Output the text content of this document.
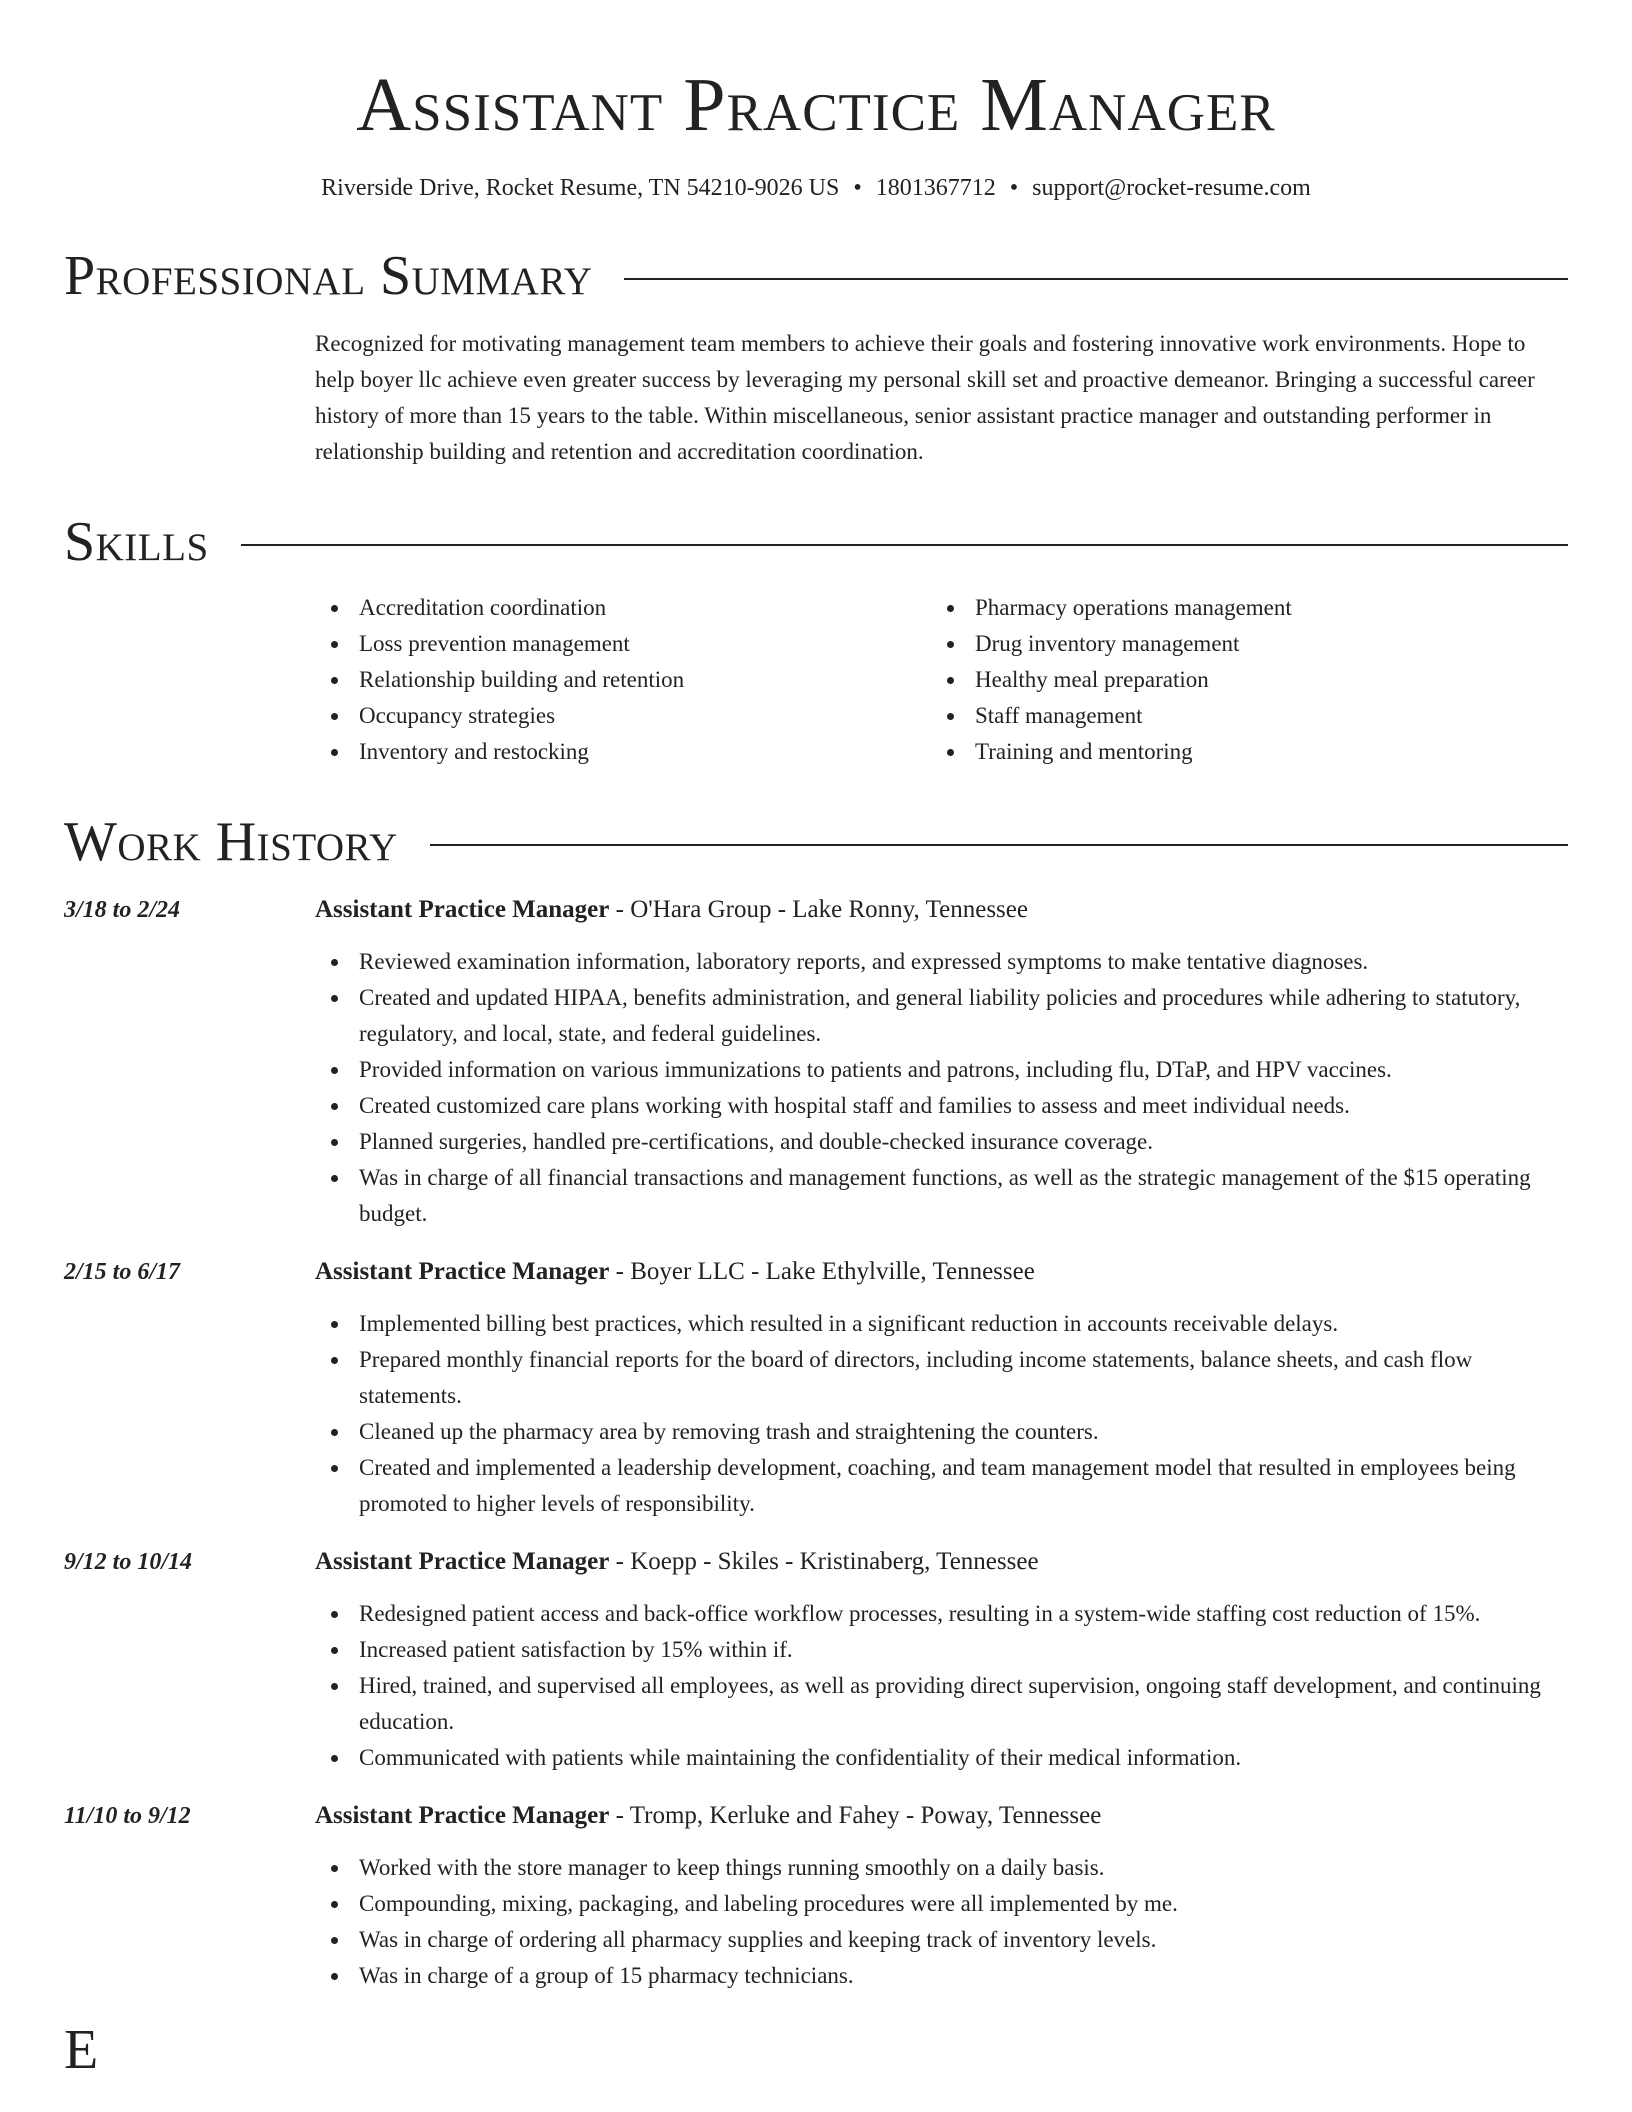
Assistant Practice Manager
Riverside Drive, Rocket Resume, TN 54210-9026 US • 1801367712 • support@rocket-resume.com
Professional Summary
Recognized for motivating management team members to achieve their goals and fostering innovative work environments. Hope to help boyer llc achieve even greater success by leveraging my personal skill set and proactive demeanor. Bringing a successful career history of more than 15 years to the table. Within miscellaneous, senior assistant practice manager and outstanding performer in relationship building and retention and accreditation coordination.
Skills
Accreditation coordination
Loss prevention management
Relationship building and retention
Occupancy strategies
Inventory and restocking
Pharmacy operations management
Drug inventory management
Healthy meal preparation
Staff management
Training and mentoring
Work History
3/18 to 2/24	Assistant Practice Manager - O'Hara Group - Lake Ronny, Tennessee
Reviewed examination information, laboratory reports, and expressed symptoms to make tentative diagnoses.
Created and updated HIPAA, benefits administration, and general liability policies and procedures while adhering to statutory, regulatory, and local, state, and federal guidelines.
Provided information on various immunizations to patients and patrons, including flu, DTaP, and HPV vaccines.
Created customized care plans working with hospital staff and families to assess and meet individual needs.
Planned surgeries, handled pre-certifications, and double-checked insurance coverage.
Was in charge of all financial transactions and management functions, as well as the strategic management of the $15 operating budget.
2/15 to 6/17	Assistant Practice Manager - Boyer LLC - Lake Ethylville, Tennessee
Implemented billing best practices, which resulted in a significant reduction in accounts receivable delays.
Prepared monthly financial reports for the board of directors, including income statements, balance sheets, and cash flow statements.
Cleaned up the pharmacy area by removing trash and straightening the counters.
Created and implemented a leadership development, coaching, and team management model that resulted in employees being promoted to higher levels of responsibility.
9/12 to 10/14	Assistant Practice Manager - Koepp - Skiles - Kristinaberg, Tennessee
Redesigned patient access and back-office workflow processes, resulting in a system-wide staffing cost reduction of 15%.
Increased patient satisfaction by 15% within if.
Hired, trained, and supervised all employees, as well as providing direct supervision, ongoing staff development, and continuing education.
Communicated with patients while maintaining the confidentiality of their medical information.
11/10 to 9/12	Assistant Practice Manager - Tromp, Kerluke and Fahey - Poway, Tennessee
Worked with the store manager to keep things running smoothly on a daily basis.
Compounding, mixing, packaging, and labeling procedures were all implemented by me.
Was in charge of ordering all pharmacy supplies and keeping track of inventory levels.
Was in charge of a group of 15 pharmacy technicians.
E
